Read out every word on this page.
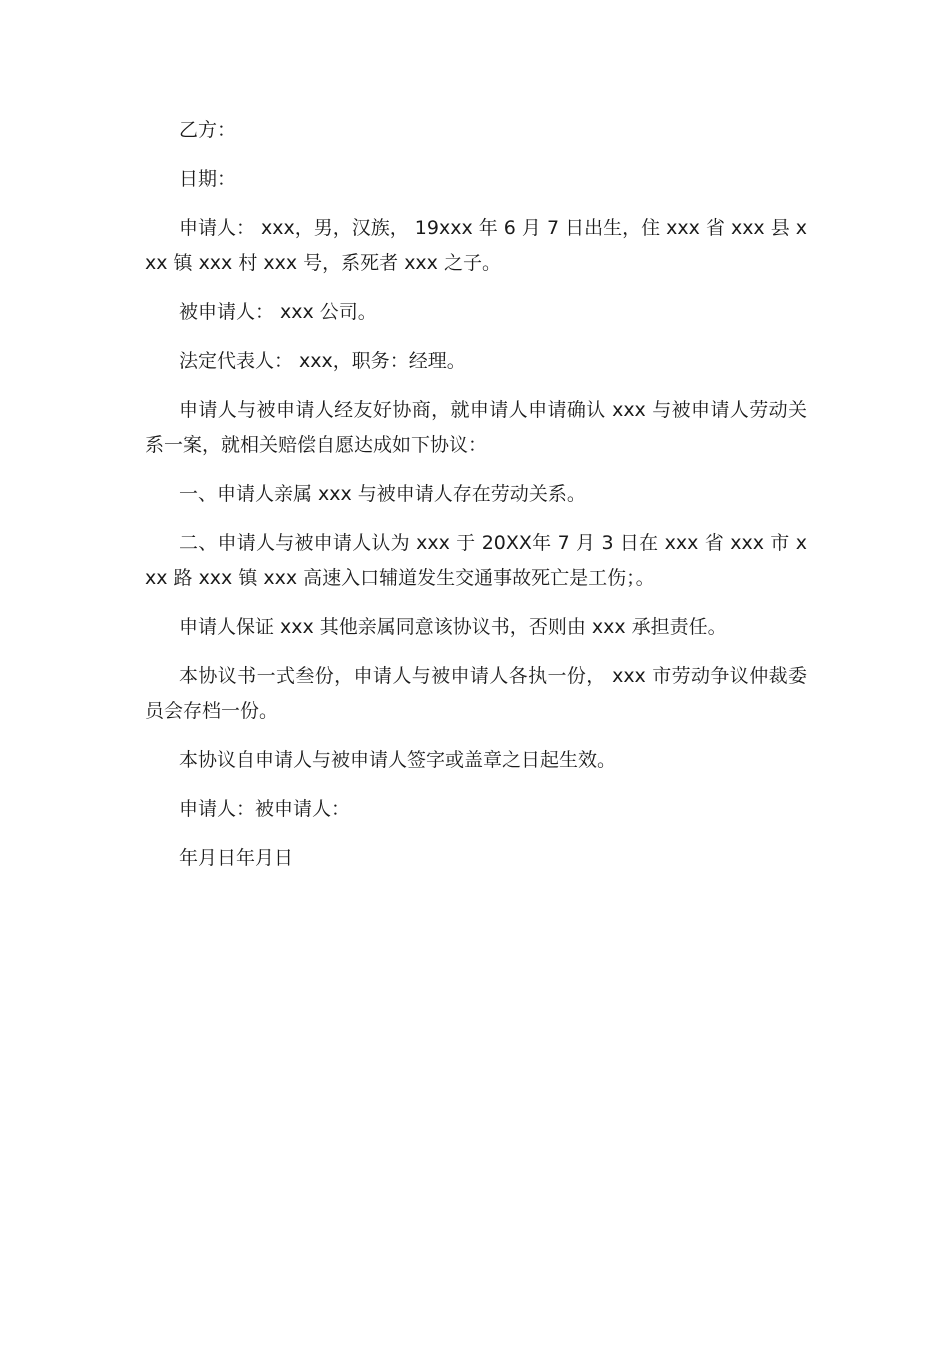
乙方：

日期：

申请人： xxx，男，汉族， 19xxx 年 6 月 7 日出生，住 xxx 省 xxx 县 xxx 镇 xxx 村 xxx 号，系死者 xxx 之子。

被申请人： xxx 公司。

法定代表人： xxx，职务：经理。

申请人与被申请人经友好协商，就申请人申请确认 xxx 与被申请人劳动关系一案，就相关赔偿自愿达成如下协议：

一、申请人亲属 xxx 与被申请人存在劳动关系。

二、申请人与被申请人认为 xxx 于 20XX年 7 月 3 日在 xxx 省 xxx 市 xxx 路 xxx 镇 xxx 高速入口辅道发生交通事故死亡是工伤；。

申请人保证 xxx 其他亲属同意该协议书，否则由 xxx 承担责任。

本协议书一式叁份，申请人与被申请人各执一份， xxx 市劳动争议仲裁委员会存档一份。

本协议自申请人与被申请人签字或盖章之日起生效。

申请人：被申请人：

年月日年月日
